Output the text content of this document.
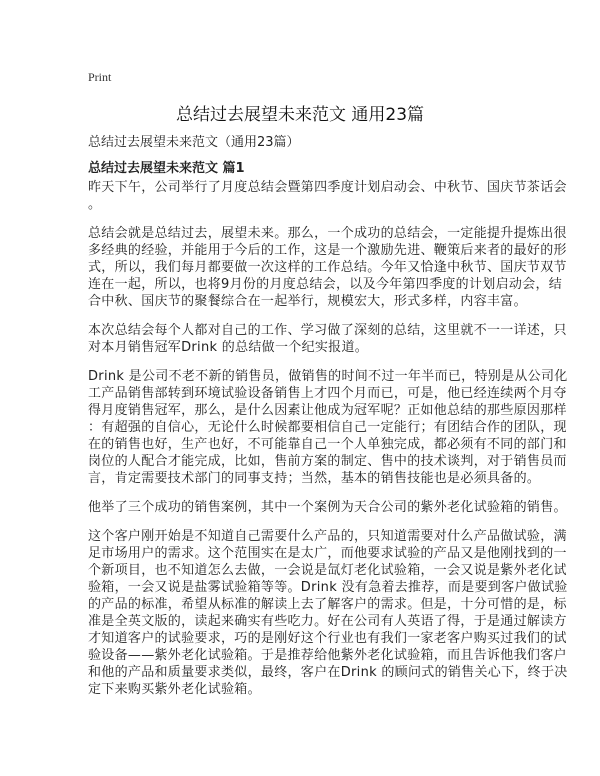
Print
总结过去展望未来范文 通用23篇
总结过去展望未来范文（通用23篇）
总结过去展望未来范文 篇1
昨天下午，公司举行了月度总结会暨第四季度计划启动会、中秋节、国庆节茶话会
。
总结会就是总结过去，展望未来。那么，一个成功的总结会，一定能提升提炼出很
多经典的经验，并能用于今后的工作，这是一个激励先进、鞭策后来者的最好的形
式，所以，我们每月都要做一次这样的工作总结。今年又恰逢中秋节、国庆节双节
连在一起，所以，也将9月份的月度总结会，以及今年第四季度的计划启动会，结
合中秋、国庆节的聚餐综合在一起举行，规模宏大，形式多样，内容丰富。
本次总结会每个人都对自己的工作、学习做了深刻的总结，这里就不一一详述，只
对本月销售冠军Drink 的总结做一个纪实报道。
Drink 是公司不老不新的销售员，做销售的时间不过一年半而已，特别是从公司化
工产品销售部转到环境试验设备销售上才四个月而已，可是，他已经连续两个月夺
得月度销售冠军，那么，是什么因素让他成为冠军呢？正如他总结的那些原因那样
：有超强的自信心，无论什么时候都要相信自己一定能行；有团结合作的团队，现
在的销售也好，生产也好，不可能靠自己一个人单独完成，都必须有不同的部门和
岗位的人配合才能完成，比如，售前方案的制定、售中的技术谈判，对于销售员而
言，肯定需要技术部门的同事支持；当然，基本的销售技能也是必须具备的。
他举了三个成功的销售案例，其中一个案例为天合公司的紫外老化试验箱的销售。
这个客户刚开始是不知道自己需要什么产品的，只知道需要对什么产品做试验，满
足市场用户的需求。这个范围实在是太广，而他要求试验的产品又是他刚找到的一
个新项目，也不知道怎么去做，一会说是氙灯老化试验箱，一会又说是紫外老化试
验箱，一会又说是盐雾试验箱等等。Drink 没有急着去推荐，而是要到客户做试验
的产品的标准，希望从标准的解读上去了解客户的需求。但是，十分可惜的是，标
准是全英文版的，读起来确实有些吃力。好在公司有人英语了得，于是通过解读方
才知道客户的试验要求，巧的是刚好这个行业也有我们一家老客户购买过我们的试
验设备——紫外老化试验箱。于是推荐给他紫外老化试验箱，而且告诉他我们客户
和他的产品和质量要求类似，最终，客户在Drink 的顾问式的销售关心下，终于决
定下来购买紫外老化试验箱。
